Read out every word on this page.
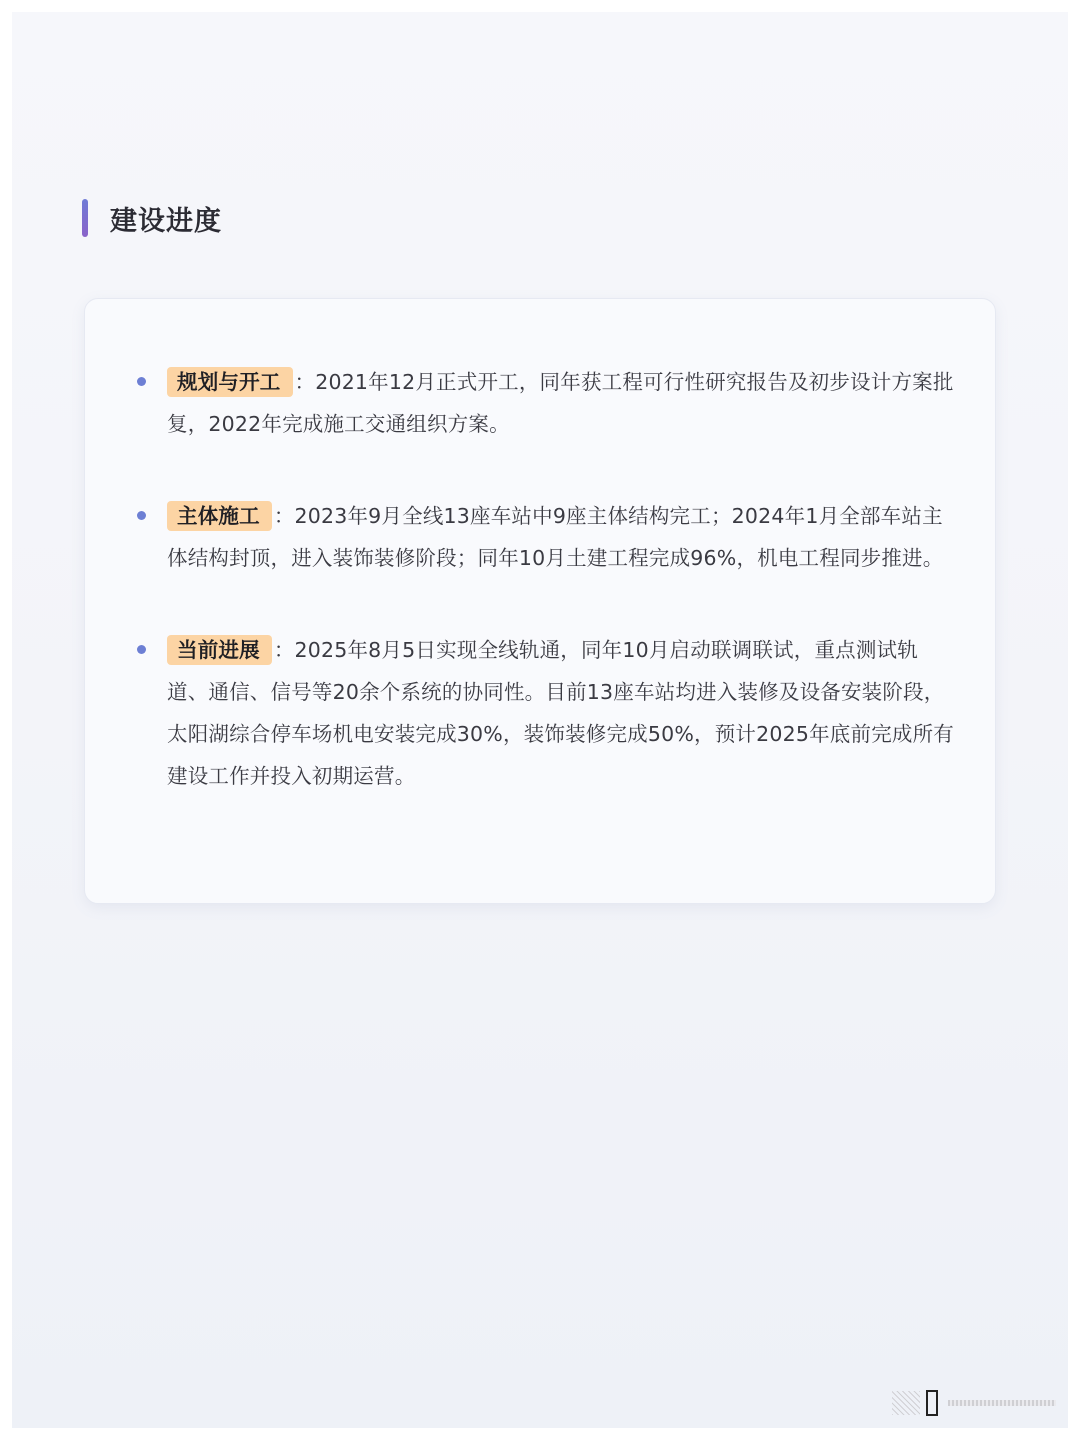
建设进度
规划与开工 ：2021年12月正式开工，同年获工程可行性研究报告及初步设计方案批复，2022年完成施工交通组织方案。
主体施工 ：2023年9月全线13座车站中9座主体结构完工；2024年1月全部车站主体结构封顶，进入装饰装修阶段；同年10月土建工程完成96%，机电工程同步推进。
当前进展 ：2025年8月5日实现全线轨通，同年10月启动联调联试，重点测试轨道、通信、信号等20余个系统的协同性。目前13座车站均进入装修及设备安装阶段，太阳湖综合停车场机电安装完成30%，装饰装修完成50%，预计2025年底前完成所有建设工作并投入初期运营。
